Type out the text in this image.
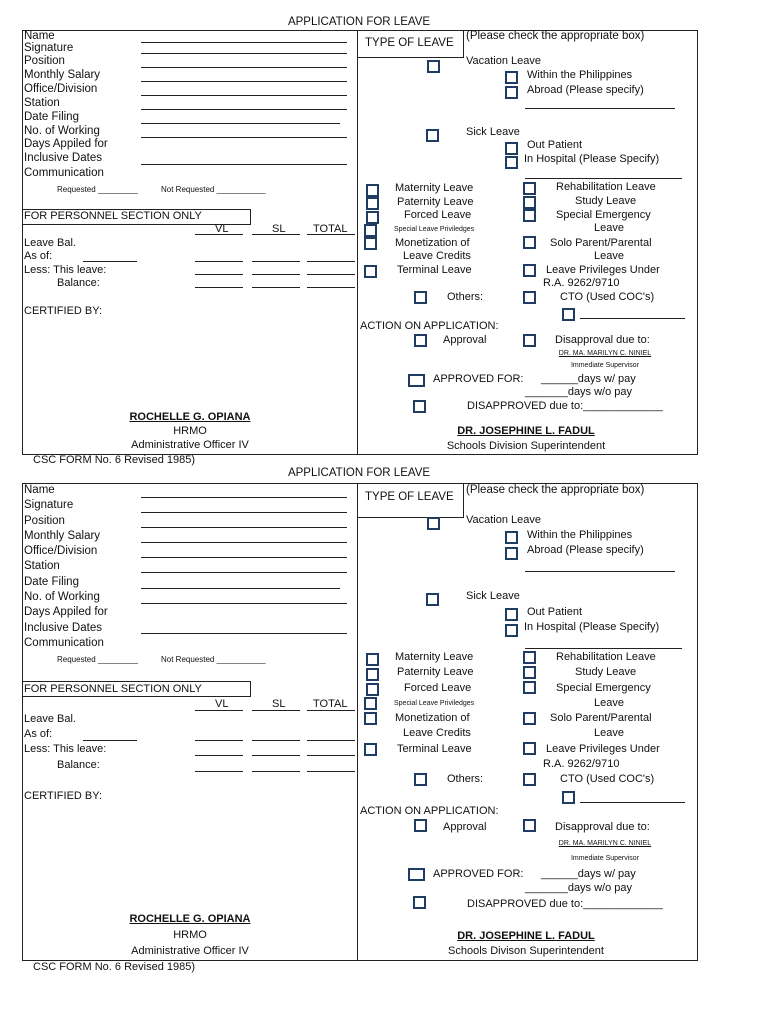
APPLICATION FOR LEAVE
TYPE OF LEAVE
(Please check the appropriate box)
Name
Signature
Position
Monthly Salary
Office/Division
Station
Date Filing
No. of Working
Days Appiled for
Inclusive Dates
Communication
Requested _________	Not Requested ___________
FOR PERSONNEL SECTION ONLY
VL	SL	TOTAL
Leave Bal.
As of:
Less: This leave:
Balance:
CERTIFIED BY:
ROCHELLE G. OPIANA
HRMO
Administrative Officer IV
Vacation Leave
Within the Philippines
Abroad (Please specify)
Sick Leave
Out Patient
In Hospital (Please Specify)
Maternity Leave
Paternity Leave
Forced Leave
Special Leave Priviledges
Monetization of
Leave Credits
Terminal Leave
Others:
Rehabilitation Leave
Study Leave
Special Emergency
Leave
Solo Parent/Parental
Leave
Leave Privileges Under
R.A. 9262/9710
CTO (Used COC's)
ACTION ON APPLICATION:
Approval	Disapproval due to:
DR. MA. MARILYN C. NINIEL
Immediate Supervisor
APPROVED FOR: ______days w/ pay
_______days w/o pay
DISAPPROVED due to:_____________
DR. JOSEPHINE L. FADUL
Schools Division Superintendent
CSC FORM No. 6 Revised 1985)
APPLICATION FOR LEAVE
TYPE OF LEAVE
(Please check the appropriate box)
Name
Signature
Position
Monthly Salary
Office/Division
Station
Date Filing
No. of Working
Days Appiled for
Inclusive Dates
Communication
Requested _________	Not Requested ___________
FOR PERSONNEL SECTION ONLY
VL	SL	TOTAL
Leave Bal.
As of:
Less: This leave:
Balance:
CERTIFIED BY:
ROCHELLE G. OPIANA
HRMO
Administrative Officer IV
Vacation Leave
Within the Philippines
Abroad (Please specify)
Sick Leave
Out Patient
In Hospital (Please Specify)
Maternity Leave
Paternity Leave
Forced Leave
Special Leave Priviledges
Monetization of
Leave Credits
Terminal Leave
Others:
Rehabilitation Leave
Study Leave
Special Emergency
Leave
Solo Parent/Parental
Leave
Leave Privileges Under
R.A. 9262/9710
CTO (Used COC's)
ACTION ON APPLICATION:
Approval	Disapproval due to:
DR. MA. MARILYN C. NINIEL
Immediate Supervisor
APPROVED FOR: ______days w/ pay
_______days w/o pay
DISAPPROVED due to:_____________
DR. JOSEPHINE L. FADUL
Schools Divison Superintendent
CSC FORM No. 6 Revised 1985)
